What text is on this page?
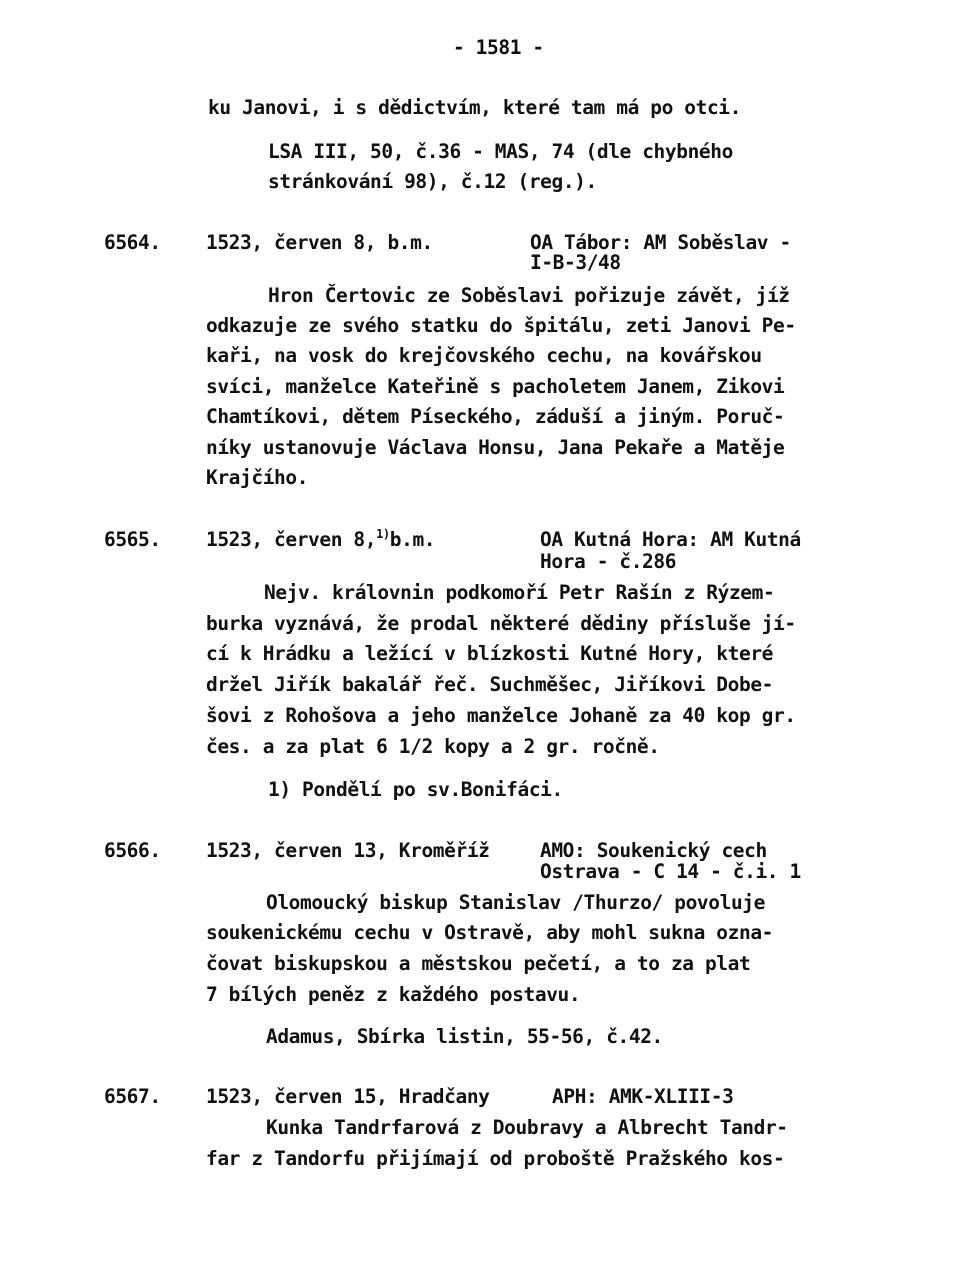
- 1581 -
ku Janovi, i s dědictvím, které tam má po otci.
LSA III, 50, č.36 - MAS, 74 (dle chybného
stránkování 98), č.12 (reg.).
6564. 1523, červen 8, b.m.	OA Tábor: AM Soběslav -
I-B-3/48
Hron Čertovic ze Soběslavi pořizuje závět, jíž
odkazuje ze svého statku do špitálu, zeti Janovi Pe-
kaři, na vosk do krejčovského cechu, na kovářskou
svíci, manželce Kateřině s pacholetem Janem, Zikovi
Chamtíkovi, dětem Píseckého, záduší a jiným. Poruč-
níky ustanovuje Václava Honsu, Jana Pekaře a Matěje
Krajčího.
6565. 1523, červen 8,$^{1)}$b.m.	OA Kutná Hora: AM Kutná
Hora - č.286
Nejv. královnin podkomoří Petr Rašín z Rýzem-
burka vyznává, že prodal některé dědiny přísluše jí-
cí k Hrádku a ležící v blízkosti Kutné Hory, které
držel Jiřík bakalář řeč. Suchměšec, Jiříkovi Dobe-
šovi z Rohošova a jeho manželce Johaně za 40 kop gr.
čes. a za plat 6 1/2 kopy a 2 gr. ročně.
1) Pondělí po sv.Bonifáci.
6566. 1523, červen 13, Kroměříž	AMO: Soukenický cech
Ostrava - C 14 - č.i. 1
Olomoucký biskup Stanislav /Thurzo/ povoluje
soukenickému cechu v Ostravě, aby mohl sukna ozna-
čovat biskupskou a městskou pečetí, a to za plat
7 bílých peněz z každého postavu.
Adamus, Sbírka listin, 55-56, č.42.
6567. 1523, červen 15, Hradčany	APH: AMK-XLIII-3
Kunka Tandrfarová z Doubravy a Albrecht Tandr-
far z Tandorfu přijímají od proboště Pražského kos-
